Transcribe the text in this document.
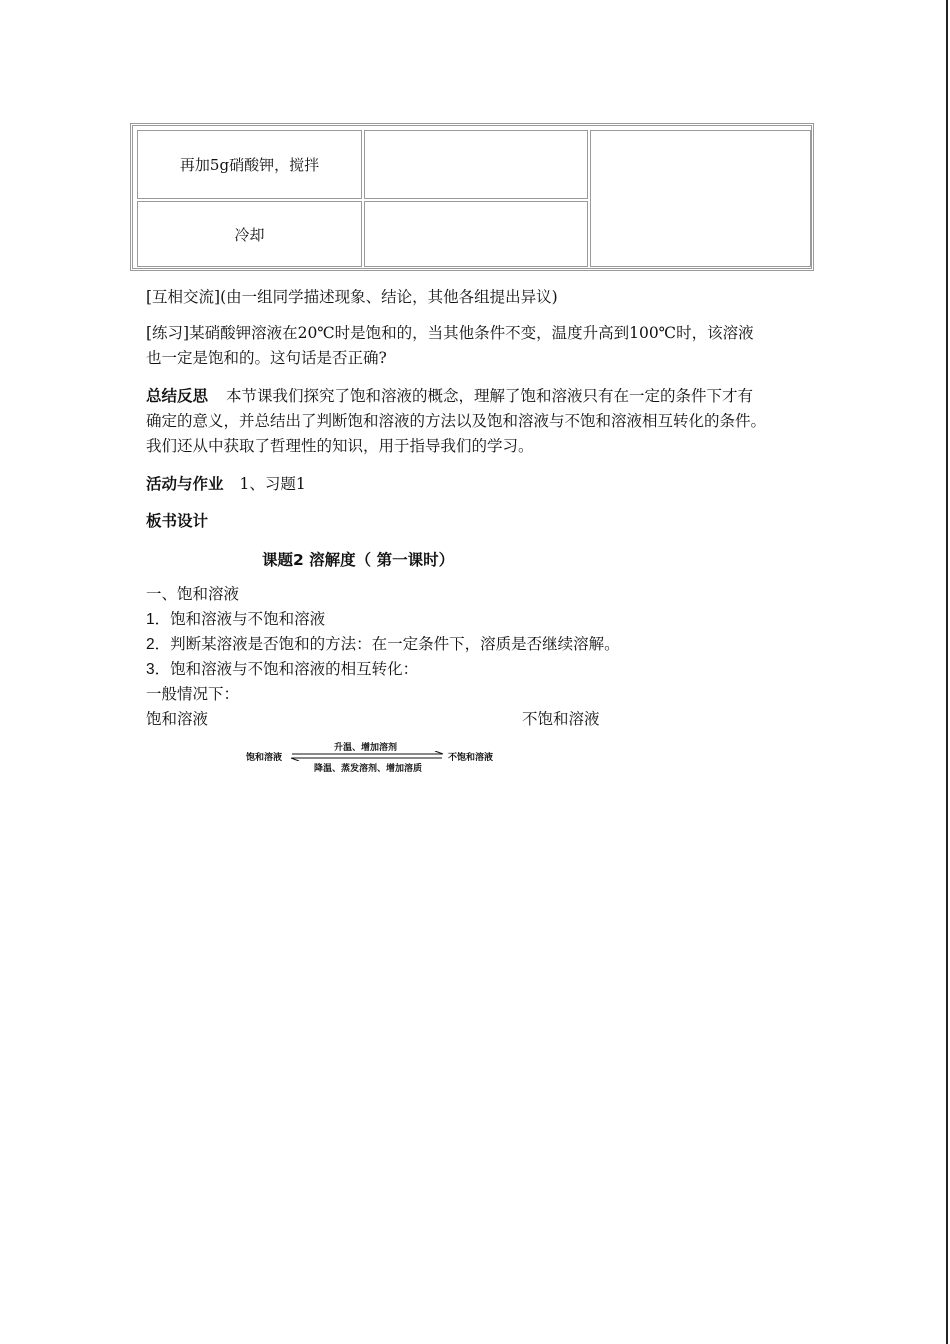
再加5g硝酸钾，搅拌
冷却
[互相交流](由一组同学描述现象、结论，其他各组提出异议)
[练习]某硝酸钾溶液在20℃时是饱和的，当其他条件不变，温度升高到100℃时，该溶液
也一定是饱和的。这句话是否正确?
总结反思 本节课我们探究了饱和溶液的概念，理解了饱和溶液只有在一定的条件下才有
确定的意义，并总结出了判断饱和溶液的方法以及饱和溶液与不饱和溶液相互转化的条件。
我们还从中获取了哲理性的知识，用于指导我们的学习。
活动与作业 1、习题1
板书设计
课题2 溶解度（ 第一课时）
一、饱和溶液
1．饱和溶液与不饱和溶液
2．判断某溶液是否饱和的方法：在一定条件下，溶质是否继续溶解。
3．饱和溶液与不饱和溶液的相互转化：
一般情况下：
饱和溶液	不饱和溶液
饱和溶液
升温、增加溶剂
不饱和溶液
降温、蒸发溶剂、增加溶质
